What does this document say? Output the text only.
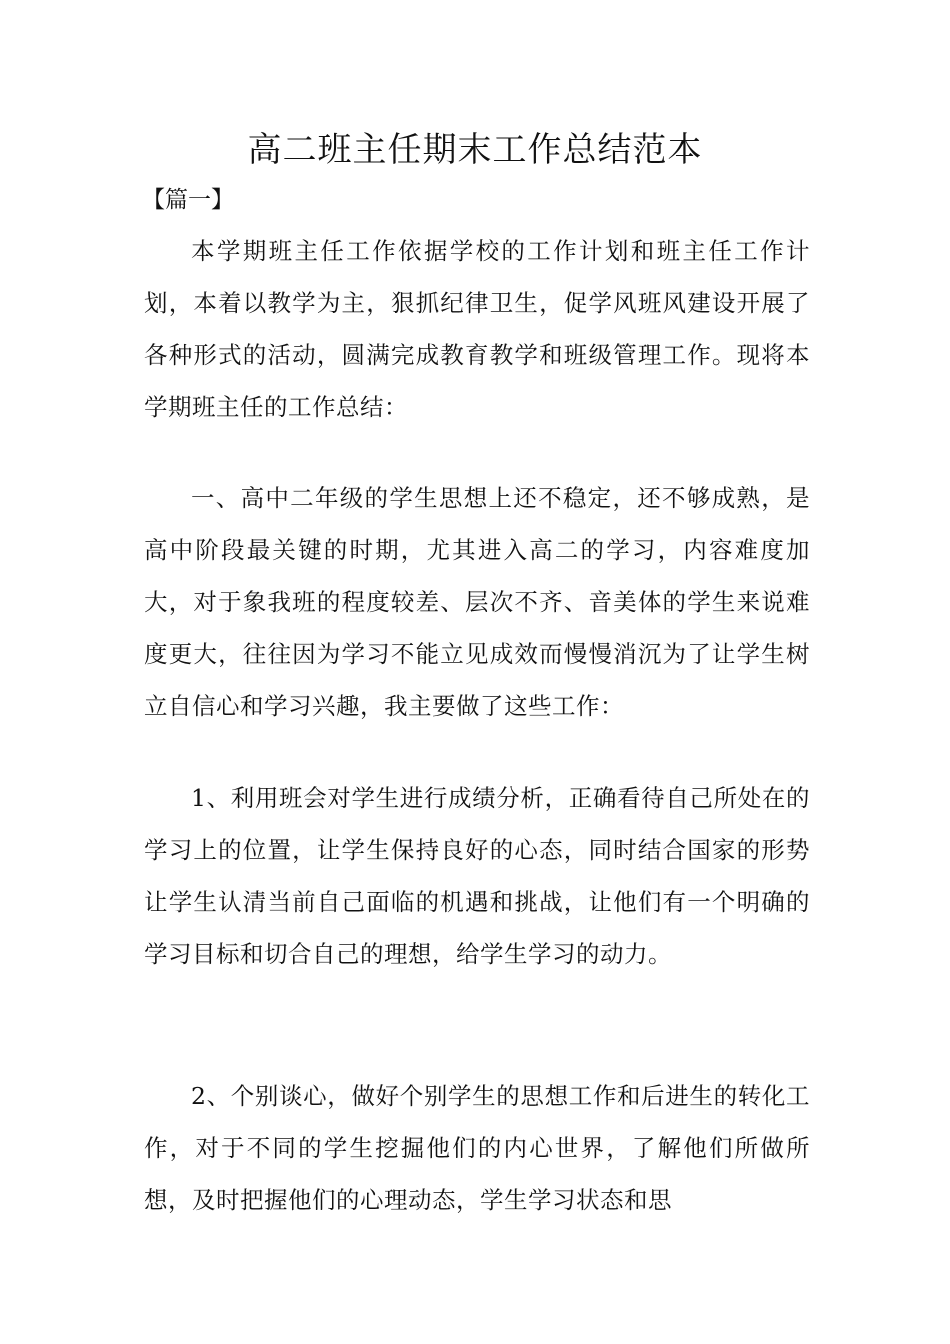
高二班主任期末工作总结范本

【篇一】

本学期班主任工作依据学校的工作计划和班主任工作计划，本着以教学为主，狠抓纪律卫生，促学风班风建设开展了各种形式的活动，圆满完成教育教学和班级管理工作。现将本学期班主任的工作总结：

一、高中二年级的学生思想上还不稳定，还不够成熟，是高中阶段最关键的时期，尤其进入高二的学习，内容难度加大，对于象我班的程度较差、层次不齐、音美体的学生来说难度更大，往往因为学习不能立见成效而慢慢消沉为了让学生树立自信心和学习兴趣，我主要做了这些工作：

1、利用班会对学生进行成绩分析，正确看待自己所处在的学习上的位置，让学生保持良好的心态，同时结合国家的形势让学生认清当前自己面临的机遇和挑战，让他们有一个明确的学习目标和切合自己的理想，给学生学习的动力。

2、个别谈心，做好个别学生的思想工作和后进生的转化工作，对于不同的学生挖掘他们的内心世界，了解他们所做所想，及时把握他们的心理动态，学生学习状态和思
